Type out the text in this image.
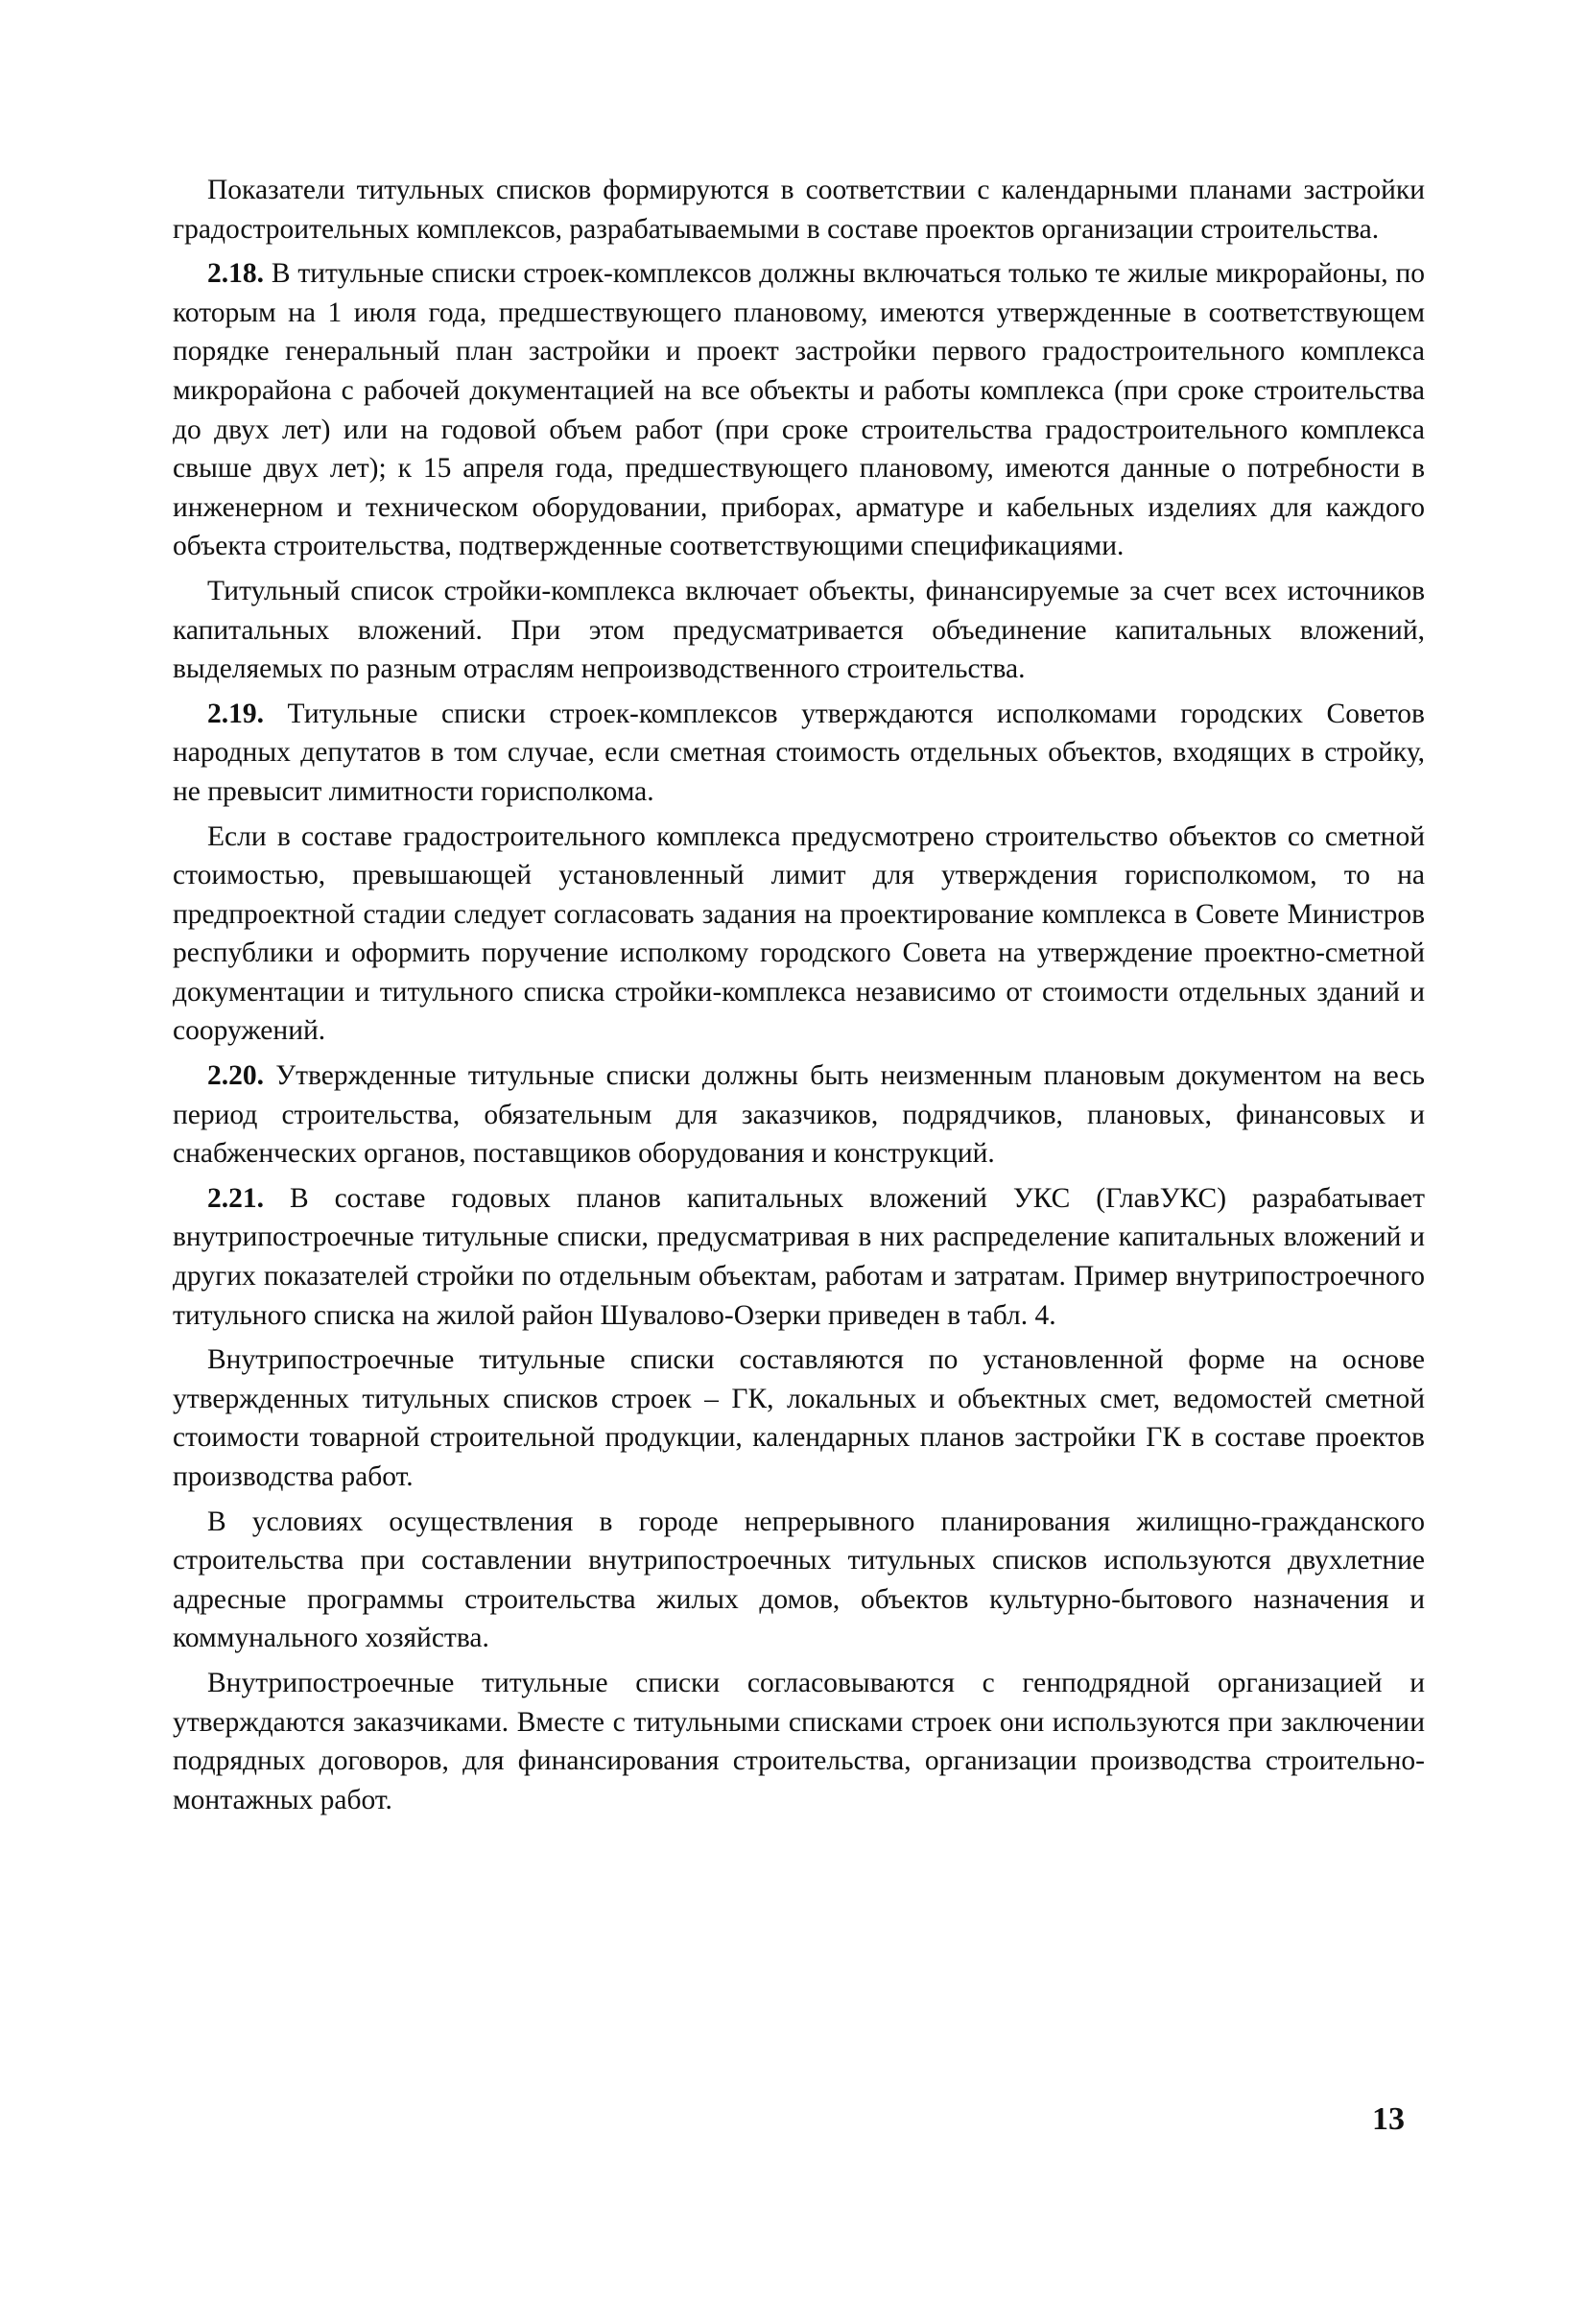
Показатели титульных списков формируются в соответствии с календарными планами застройки градостроительных комплексов, разрабатываемыми в составе проектов организации строительства.

2.18. В титульные списки строек-комплексов должны включаться только те жилые микрорайоны, по которым на 1 июля года, предшествующего плановому, имеются утвержденные в соответствующем порядке генеральный план застройки и проект застройки первого градостроительного комплекса микрорайона с рабочей документацией на все объекты и работы комплекса (при сроке строительства до двух лет) или на годовой объем работ (при сроке строительства градостроительного комплекса свыше двух лет); к 15 апреля года, предшествующего плановому, имеются данные о потребности в инженерном и техническом оборудовании, приборах, арматуре и кабельных изделиях для каждого объекта строительства, подтвержденные соответствующими спецификациями.

Титульный список стройки-комплекса включает объекты, финансируемые за счет всех источников капитальных вложений. При этом предусматривается объединение капитальных вложений, выделяемых по разным отраслям непроизводственного строительства.

2.19. Титульные списки строек-комплексов утверждаются исполкомами городских Советов народных депутатов в том случае, если сметная стоимость отдельных объектов, входящих в стройку, не превысит лимитности горисполкома.

Если в составе градостроительного комплекса предусмотрено строительство объектов со сметной стоимостью, превышающей установленный лимит для утверждения горисполкомом, то на предпроектной стадии следует согласовать задания на проектирование комплекса в Совете Министров республики и оформить поручение исполкому городского Совета на утверждение проектно-сметной документации и титульного списка стройки-комплекса независимо от стоимости отдельных зданий и сооружений.

2.20. Утвержденные титульные списки должны быть неизменным плановым документом на весь период строительства, обязательным для заказчиков, подрядчиков, плановых, финансовых и снабженческих органов, поставщиков оборудования и конструкций.

2.21. В составе годовых планов капитальных вложений УКС (ГлавУКС) разрабатывает внутрипостроечные титульные списки, предусматривая в них распределение капитальных вложений и других показателей стройки по отдельным объектам, работам и затратам. Пример внутрипостроечного титульного списка на жилой район Шувалово-Озерки приведен в табл. 4.

Внутрипостроечные титульные списки составляются по установленной форме на основе утвержденных титульных списков строек – ГК, локальных и объектных смет, ведомостей сметной стоимости товарной строительной продукции, календарных планов застройки ГК в составе проектов производства работ.

В условиях осуществления в городе непрерывного планирования жилищно-гражданского строительства при составлении внутрипостроечных титульных списков используются двухлетние адресные программы строительства жилых домов, объектов культурно-бытового назначения и коммунального хозяйства.

Внутрипостроечные титульные списки согласовываются с генподрядной организацией и утверждаются заказчиками. Вместе с титульными списками строек они используются при заключении подрядных договоров, для финансирования строительства, организации производства строительно-монтажных работ.

13
